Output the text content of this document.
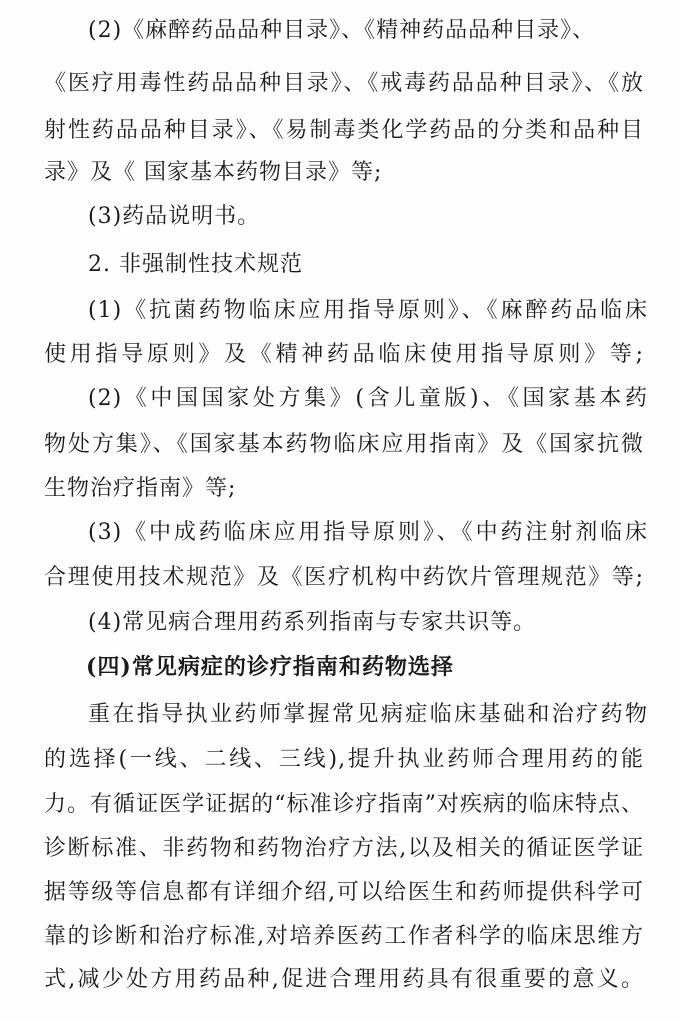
(2)《麻醉药品品种目录》、《精神药品品种目录》、
《医疗用毒性药品品种目录》、《戒毒药品品种目录》、《放
射性药品品种目录》、《易制毒类化学药品的分类和品种目
录》及《 国家基本药物目录》等;
(3)药品说明书。
2. 非强制性技术规范
(1)《抗菌药物临床应用指导原则》、《麻醉药品临床
使用指导原则》及《精神药品临床使用指导原则》等;
(2)《中国国家处方集》(含儿童版)、《国家基本药
物处方集》、《国家基本药物临床应用指南》及《国家抗微
生物治疗指南》等;
(3)《中成药临床应用指导原则》、《中药注射剂临床
合理使用技术规范》及《医疗机构中药饮片管理规范》等;
(4)常见病合理用药系列指南与专家共识等。
(四)常见病症的诊疗指南和药物选择
重在指导执业药师掌握常见病症临床基础和治疗药物
的选择(一线、二线、三线),提升执业药师合理用药的能
力。有循证医学证据的“标准诊疗指南”对疾病的临床特点、
诊断标准、非药物和药物治疗方法,以及相关的循证医学证
据等级等信息都有详细介绍,可以给医生和药师提供科学可
靠的诊断和治疗标准,对培养医药工作者科学的临床思维方
式,减少处方用药品种,促进合理用药具有很重要的意义。
